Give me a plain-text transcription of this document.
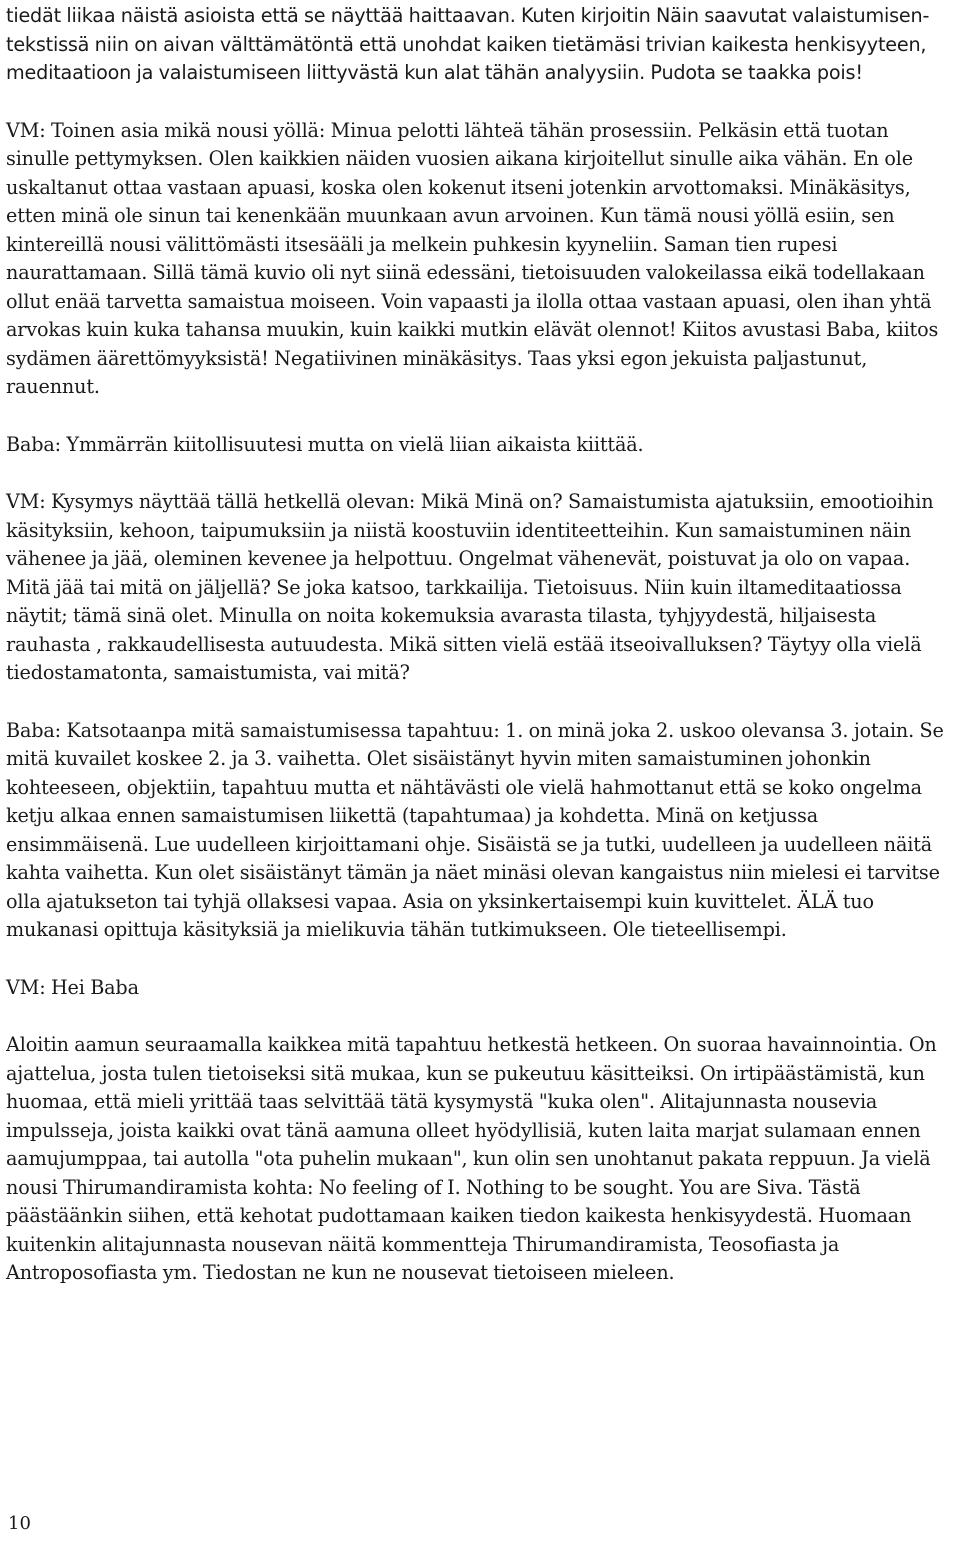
tiedät liikaa näistä asioista että se näyttää haittaavan. Kuten kirjoitin Näin saavutat valaistumisen-tekstissä niin on aivan välttämätöntä että unohdat kaiken tietämäsi trivian kaikesta henkisyyteen, meditaatioon ja valaistumiseen liittyvästä kun alat tähän analyysiin. Pudota se taakka pois!

VM: Toinen asia mikä nousi yöllä: Minua pelotti lähteä tähän prosessiin. Pelkäsin että tuotan sinulle pettymyksen. Olen kaikkien näiden vuosien aikana kirjoitellut sinulle aika vähän. En ole uskaltanut ottaa vastaan apuasi, koska olen kokenut itseni jotenkin arvottomaksi. Minäkäsitys, etten minä ole sinun tai kenenkään muunkaan avun arvoinen. Kun tämä nousi yöllä esiin, sen kintereillä nousi välittömästi itsesääli ja melkein puhkesin kyyneliin. Saman tien rupesi naurattamaan. Sillä tämä kuvio oli nyt siinä edessäni, tietoisuuden valokeilassa eikä todellakaan ollut enää tarvetta samaistua moiseen. Voin vapaasti ja ilolla ottaa vastaan apuasi, olen ihan yhtä arvokas kuin kuka tahansa muukin, kuin kaikki mutkin elävät olennot! Kiitos avustasi Baba, kiitos sydämen äärettömyyksistä! Negatiivinen minäkäsitys. Taas yksi egon jekuista paljastunut, rauennut.

Baba: Ymmärrän kiitollisuutesi mutta on vielä liian aikaista kiittää.

VM: Kysymys näyttää tällä hetkellä olevan: Mikä Minä on? Samaistumista ajatuksiin, emootioihin käsityksiin, kehoon, taipumuksiin ja niistä koostuviin identiteetteihin. Kun samaistuminen näin vähenee ja jää, oleminen kevenee ja helpottuu. Ongelmat vähenevät, poistuvat ja olo on vapaa. Mitä jää tai mitä on jäljellä? Se joka katsoo, tarkkailija. Tietoisuus. Niin kuin iltameditaatiossa näytit; tämä sinä olet. Minulla on noita kokemuksia avarasta tilasta, tyhjyydestä, hiljaisesta rauhasta , rakkaudellisesta autuudesta. Mikä sitten vielä estää itseoivalluksen? Täytyy olla vielä tiedostamatonta, samaistumista, vai mitä?

Baba: Katsotaanpa mitä samaistumisessa tapahtuu: 1. on minä joka 2. uskoo olevansa 3. jotain. Se mitä kuvailet koskee 2. ja 3. vaihetta. Olet sisäistänyt hyvin miten samaistuminen johonkin kohteeseen, objektiin, tapahtuu mutta et nähtävästi ole vielä hahmottanut että se koko ongelma ketju alkaa ennen samaistumisen liikettä (tapahtumaa) ja kohdetta. Minä on ketjussa ensimmäisenä. Lue uudelleen kirjoittamani ohje. Sisäistä se ja tutki, uudelleen ja uudelleen näitä kahta vaihetta. Kun olet sisäistänyt tämän ja näet minäsi olevan kangaistus niin mielesi ei tarvitse olla ajatukseton tai tyhjä ollaksesi vapaa. Asia on yksinkertaisempi kuin kuvittelet. ÄLÄ tuo mukanasi opittuja käsityksiä ja mielikuvia tähän tutkimukseen. Ole tieteellisempi.

VM: Hei Baba

Aloitin aamun seuraamalla kaikkea mitä tapahtuu hetkestä hetkeen. On suoraa havainnointia. On ajattelua, josta tulen tietoiseksi sitä mukaa, kun se pukeutuu käsitteiksi. On irtipäästämistä, kun huomaa, että mieli yrittää taas selvittää tätä kysymystä "kuka olen". Alitajunnasta nousevia impulsseja, joista kaikki ovat tänä aamuna olleet hyödyllisiä, kuten laita marjat sulamaan ennen aamujumppaa, tai autolla "ota puhelin mukaan", kun olin sen unohtanut pakata reppuun. Ja vielä nousi Thirumandiramista kohta: No feeling of I. Nothing to be sought. You are Siva. Tästä päästäänkin siihen, että kehotat pudottamaan kaiken tiedon kaikesta henkisyydestä. Huomaan kuitenkin alitajunnasta nousevan näitä kommentteja Thirumandiramista, Teosofiasta ja Antroposofiasta ym. Tiedostan ne kun ne nousevat tietoiseen mieleen.

10
